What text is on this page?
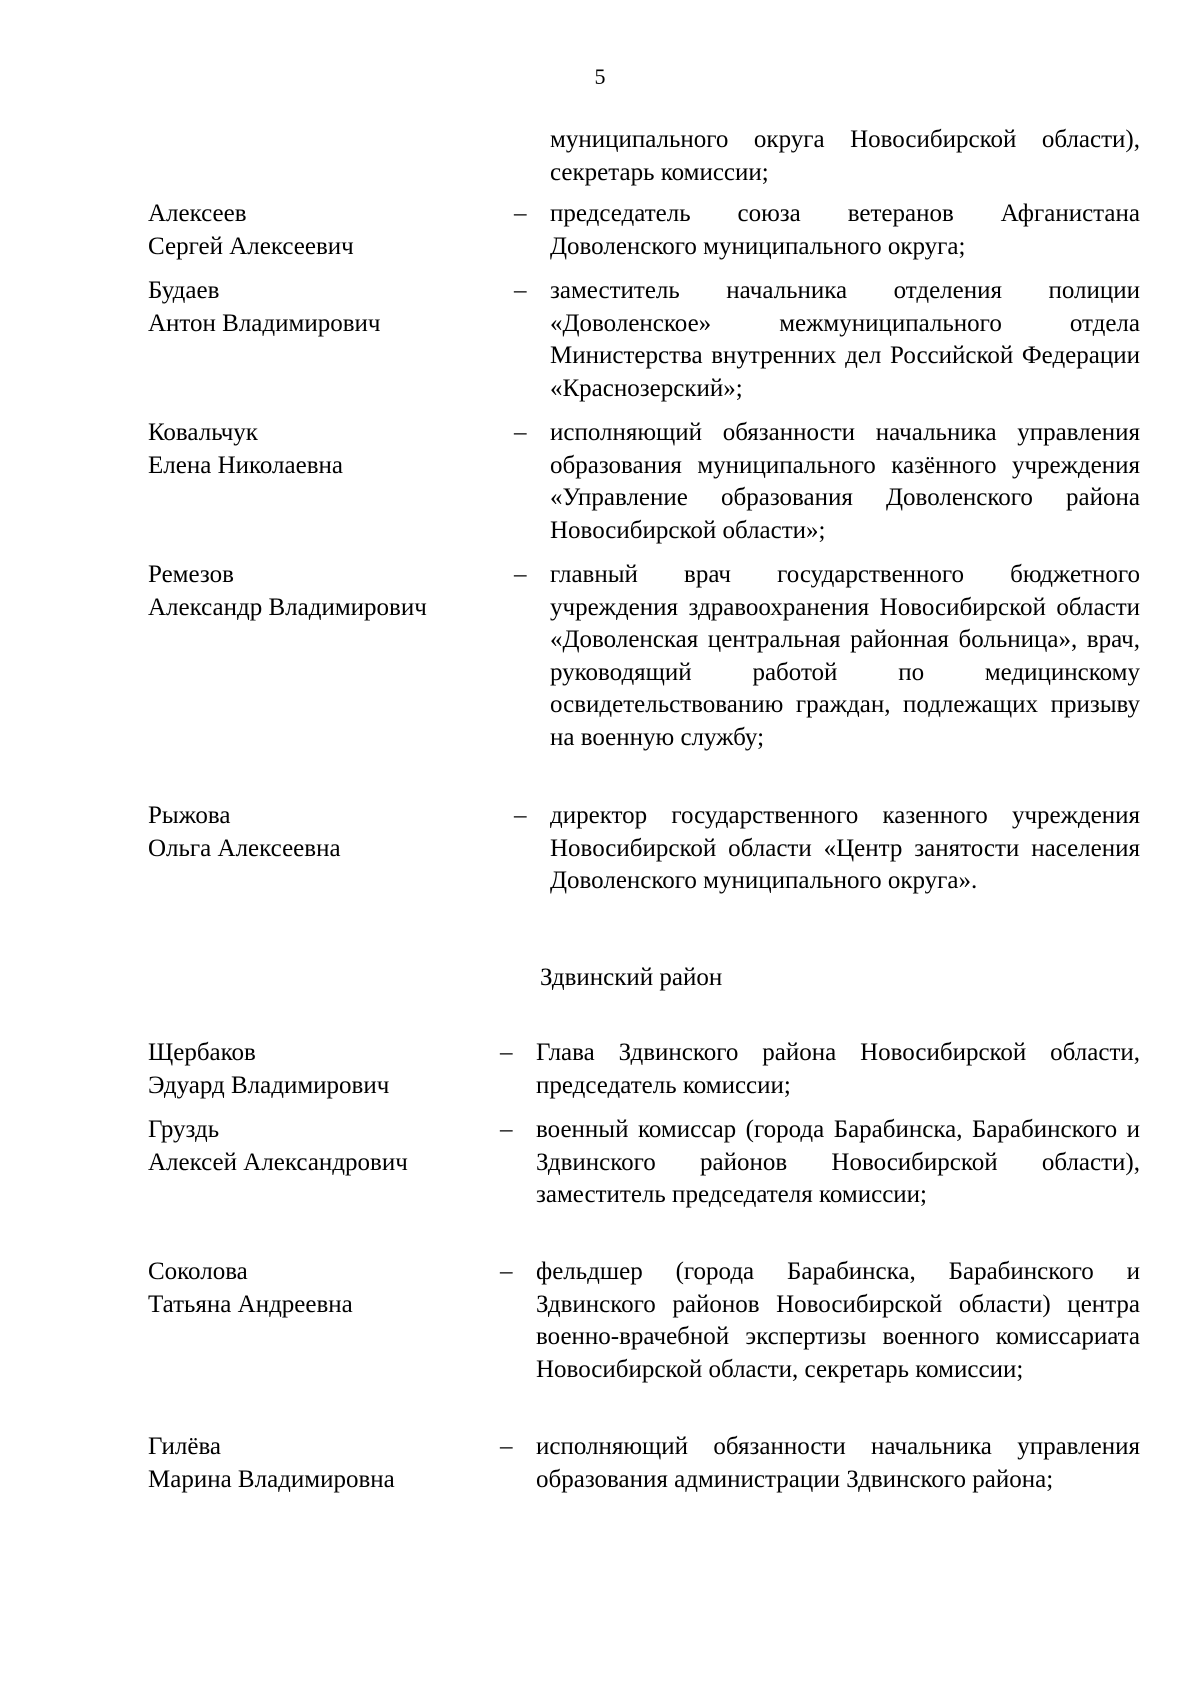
5
муниципального округа Новосибирской области), секретарь комиссии;
Алексеев
Сергей Алексеевич
– председатель союза ветеранов Афганистана Доволенского муниципального округа;
Будаев
Антон Владимирович
– заместитель начальника отделения полиции «Доволенское» межмуниципального отдела Министерства внутренних дел Российской Федерации «Краснозерский»;
Ковальчук
Елена Николаевна
– исполняющий обязанности начальника управления образования муниципального казённого учреждения «Управление образования Доволенского района Новосибирской области»;
Ремезов
Александр Владимирович
– главный врач государственного бюджетного учреждения здравоохранения Новосибирской области «Доволенская центральная районная больница», врач, руководящий работой по медицинскому освидетельствованию граждан, подлежащих призыву на военную службу;
Рыжова
Ольга Алексеевна
– директор государственного казенного учреждения Новосибирской области «Центр занятости населения Доволенского муниципального округа».
Здвинский район
Щербаков
Эдуард Владимирович
– Глава Здвинского района Новосибирской области, председатель комиссии;
Груздь
Алексей Александрович
– военный комиссар (города Барабинска, Барабинского и Здвинского районов Новосибирской области), заместитель председателя комиссии;
Соколова
Татьяна Андреевна
– фельдшер (города Барабинска, Барабинского и Здвинского районов Новосибирской области) центра военно-врачебной экспертизы военного комиссариата Новосибирской области, секретарь комиссии;
Гилёва
Марина Владимировна
– исполняющий обязанности начальника управления образования администрации Здвинского района;
